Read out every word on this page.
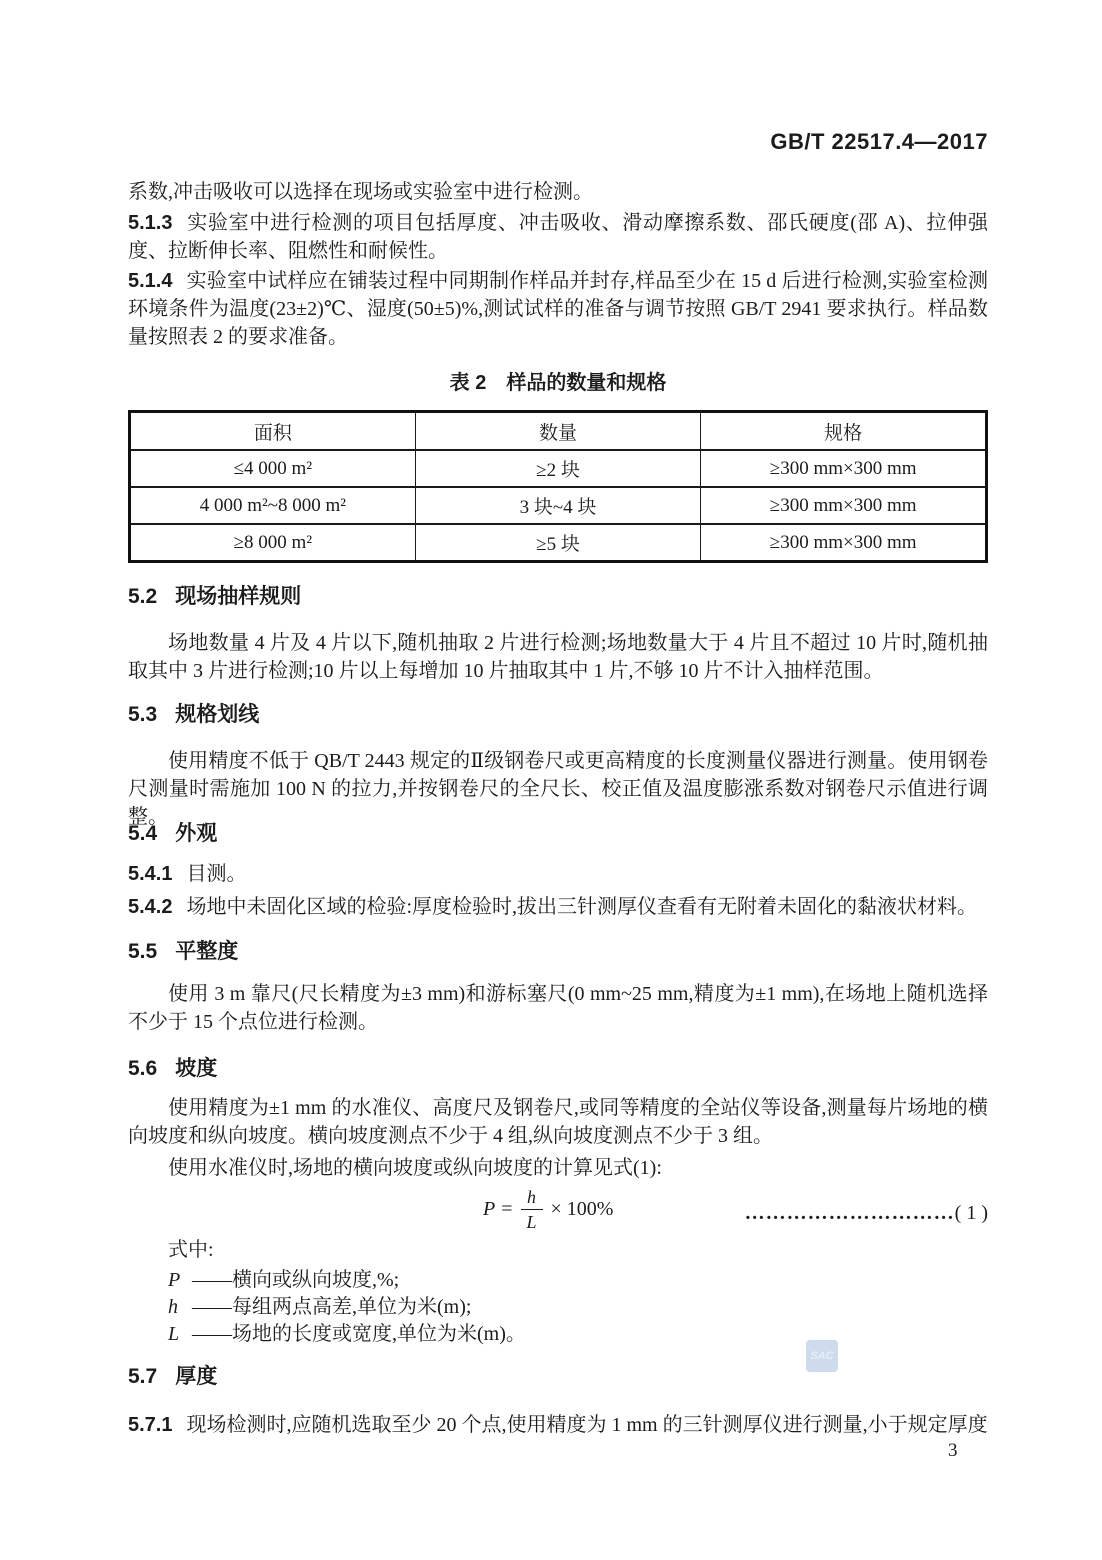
GB/T 22517.4—2017

系数,冲击吸收可以选择在现场或实验室中进行检测。

5.1.3 实验室中进行检测的项目包括厚度、冲击吸收、滑动摩擦系数、邵氏硬度(邵 A)、拉伸强度、拉断伸长率、阻燃性和耐候性。

5.1.4 实验室中试样应在铺装过程中同期制作样品并封存,样品至少在 15 d 后进行检测,实验室检测环境条件为温度(23±2)℃、湿度(50±5)%,测试试样的准备与调节按照 GB/T 2941 要求执行。样品数量按照表 2 的要求准备。

表 2　样品的数量和规格

面积	数量	规格
≤4 000 m²	≥2 块	≥300 mm×300 mm
4 000 m²~8 000 m²	3 块~4 块	≥300 mm×300 mm
≥8 000 m²	≥5 块	≥300 mm×300 mm
5.2 现场抽样规则

场地数量 4 片及 4 片以下,随机抽取 2 片进行检测;场地数量大于 4 片且不超过 10 片时,随机抽取其中 3 片进行检测;10 片以上每增加 10 片抽取其中 1 片,不够 10 片不计入抽样范围。

5.3 规格划线

使用精度不低于 QB/T 2443 规定的Ⅱ级钢卷尺或更高精度的长度测量仪器进行测量。使用钢卷尺测量时需施加 100 N 的拉力,并按钢卷尺的全尺长、校正值及温度膨涨系数对钢卷尺示值进行调整。

5.4 外观

5.4.1 目测。

5.4.2 场地中未固化区域的检验:厚度检验时,拔出三针测厚仪查看有无附着未固化的黏液状材料。

5.5 平整度

使用 3 m 靠尺(尺长精度为±3 mm)和游标塞尺(0 mm~25 mm,精度为±1 mm),在场地上随机选择不少于 15 个点位进行检测。

5.6 坡度

使用精度为±1 mm 的水准仪、高度尺及钢卷尺,或同等精度的全站仪等设备,测量每片场地的横向坡度和纵向坡度。横向坡度测点不少于 4 组,纵向坡度测点不少于 3 组。

使用水准仪时,场地的横向坡度或纵向坡度的计算见式(1):

$P = \frac{h}{L} \times 100\%$	…………………………( 1 )

式中:

P ——横向或纵向坡度,%;

h ——每组两点高差,单位为米(m);

L ——场地的长度或宽度,单位为米(m)。

5.7 厚度

5.7.1 现场检测时,应随机选取至少 20 个点,使用精度为 1 mm 的三针测厚仪进行测量,小于规定厚度

SAC
3
